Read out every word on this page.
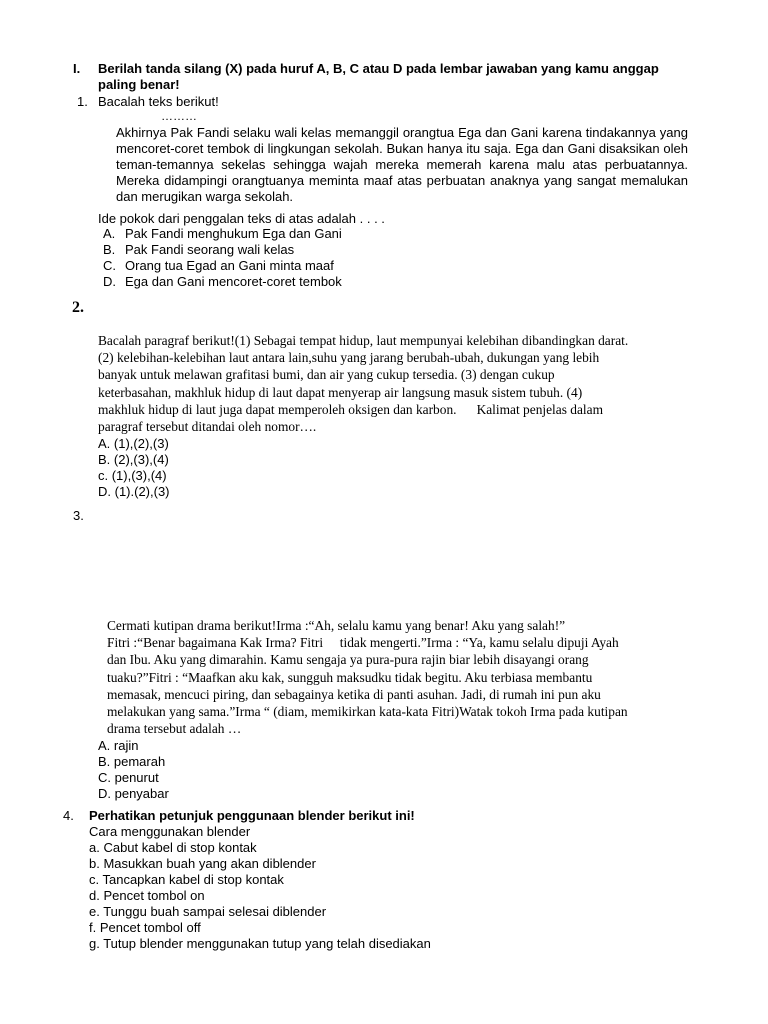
I. Berilah tanda silang (X) pada huruf A, B, C atau D pada lembar jawaban yang kamu anggap paling benar!
1. Bacalah teks berikut!
………
Akhirnya Pak Fandi selaku wali kelas memanggil orangtua Ega dan Gani karena tindakannya yang mencoret-coret tembok di lingkungan sekolah. Bukan hanya itu saja. Ega dan Gani disaksikan oleh teman-temannya sekelas sehingga wajah mereka memerah karena malu atas perbuatannya. Mereka didampingi orangtuanya meminta maaf atas perbuatan anaknya yang sangat memalukan dan merugikan warga sekolah.
Ide pokok dari penggalan teks di atas adalah . . . .
A. Pak Fandi menghukum Ega dan Gani
B. Pak Fandi seorang wali kelas
C. Orang tua Egad an Gani minta maaf
D. Ega dan Gani mencoret-coret tembok
2.
Bacalah paragraf berikut!(1) Sebagai tempat hidup, laut mempunyai kelebihan dibandingkan darat.
(2) kelebihan-kelebihan laut antara lain,suhu yang jarang berubah-ubah, dukungan yang lebih
banyak untuk melawan grafitasi bumi, dan air yang cukup tersedia. (3) dengan cukup
keterbasahan, makhluk hidup di laut dapat menyerap air langsung masuk sistem tubuh. (4)
makhluk hidup di laut juga dapat memperoleh oksigen dan karbon.      Kalimat penjelas dalam
paragraf tersebut ditandai oleh nomor….
A. (1),(2),(3)
B. (2),(3),(4)
c. (1),(3),(4)
D. (1).(2),(3)
3.
Cermati kutipan drama berikut!Irma :“Ah, selalu kamu yang benar! Aku yang salah!”
Fitri :“Benar bagaimana Kak Irma? Fitri     tidak mengerti.”Irma : “Ya, kamu selalu dipuji Ayah
dan Ibu. Aku yang dimarahin. Kamu sengaja ya pura-pura rajin biar lebih disayangi orang
tuaku?”Fitri : “Maafkan aku kak, sungguh maksudku tidak begitu. Aku terbiasa membantu
memasak, mencuci piring, dan sebagainya ketika di panti asuhan. Jadi, di rumah ini pun aku
melakukan yang sama.”Irma “ (diam, memikirkan kata-kata Fitri)Watak tokoh Irma pada kutipan
drama tersebut adalah …
A. rajin
B. pemarah
C. penurut
D. penyabar
4. Perhatikan petunjuk penggunaan blender berikut ini!
Cara menggunakan blender
a. Cabut kabel di stop kontak
b. Masukkan buah yang akan diblender
c. Tancapkan kabel di stop kontak
d. Pencet tombol on
e. Tunggu buah sampai selesai diblender
f. Pencet tombol off
g. Tutup blender menggunakan tutup yang telah disediakan
